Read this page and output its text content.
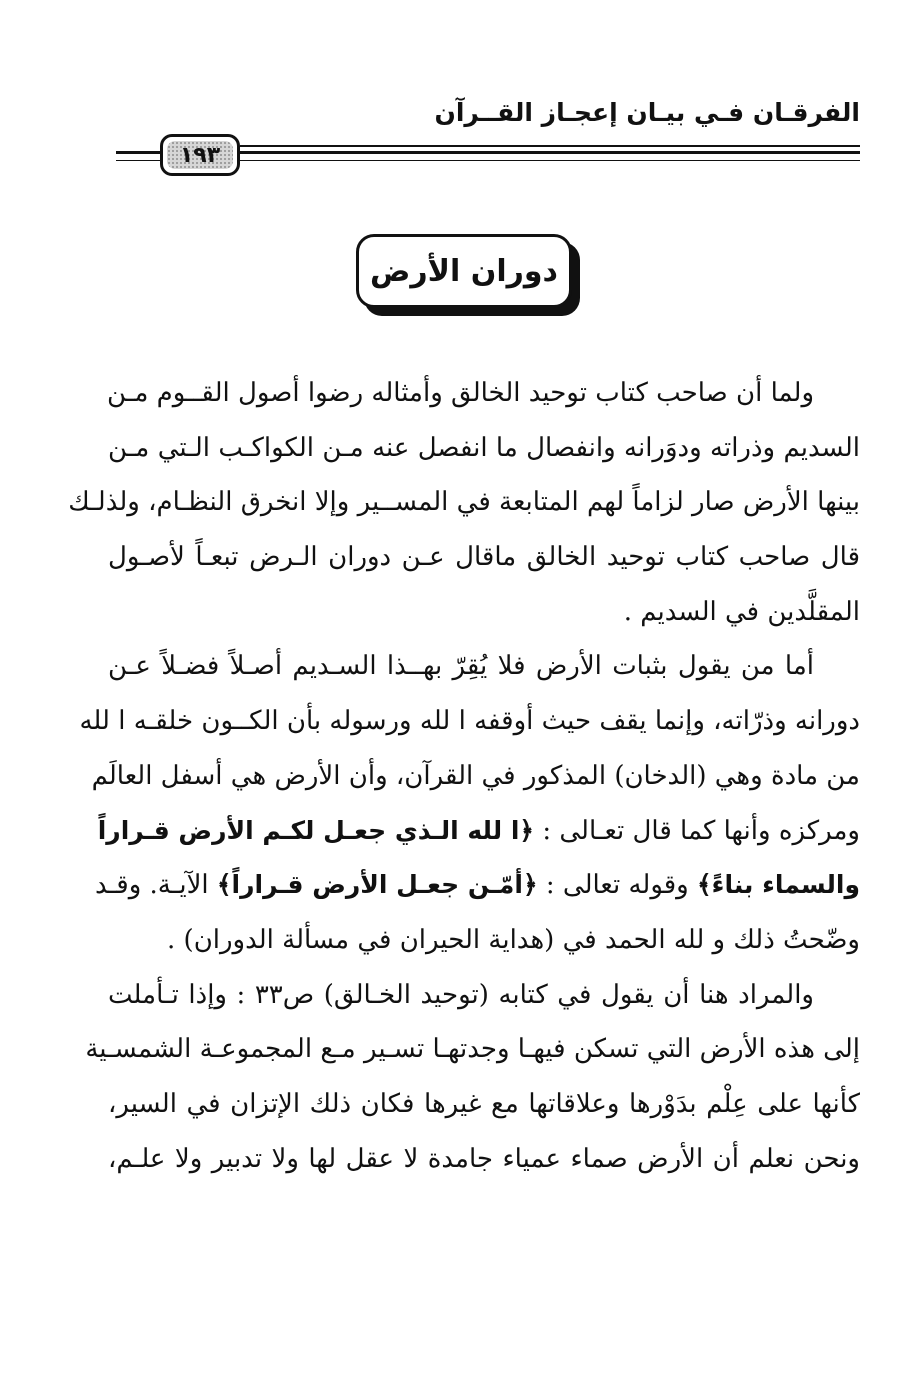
الفرقـان فـي بيـان إعجـاز القــرآن
١٩٣
دوران الأرض
ولما أن صاحب كتاب توحيد الخالق وأمثاله رضوا أصول القــوم مـن
السديم وذراته ودوَرانه وانفصال ما انفصل عنه مـن الكواكـب الـتي مـن
بينها الأرض صار لزاماً لهم المتابعة في المســير وإلا انخرق النظـام، ولذلـك
قال صاحب كتاب توحيد الخالق ماقال عـن دوران الـرض تبعـاً لأصـول
المقلَّدين في السديم .
أما من يقول بثبات الأرض فلا يُقِرّ بهــذا السـديم أصـلاً فضـلاً عـن
دورانه وذرّاته، وإنما يقف حيث أوقفه ا لله ورسوله بأن الكــون خلقـه ا لله
من مادة وهي (الدخان) المذكور في القرآن، وأن الأرض هي أسفل العالَم
ومركزه وأنها كما قال تعـالى : ﴿ا لله الـذي جعـل لكـم الأرض قـراراً
والسماء بناءً﴾ وقوله تعالى : ﴿أمّـن جعـل الأرض قـراراً﴾ الآيـة. وقـد
وضّحتُ ذلك و لله الحمد في (هداية الحيران في مسألة الدوران) .
والمراد هنا أن يقول في كتابه (توحيد الخـالق) ص٣٣ : وإذا تـأملت
إلى هذه الأرض التي تسكن فيهـا وجدتهـا تسـير مـع المجموعـة الشمسـية
كأنها على عِلْم بدَوْرها وعلاقاتها مع غيرها فكان ذلك الإتزان في السير،
ونحن نعلم أن الأرض صماء عمياء جامدة لا عقل لها ولا تدبير ولا علـم،
